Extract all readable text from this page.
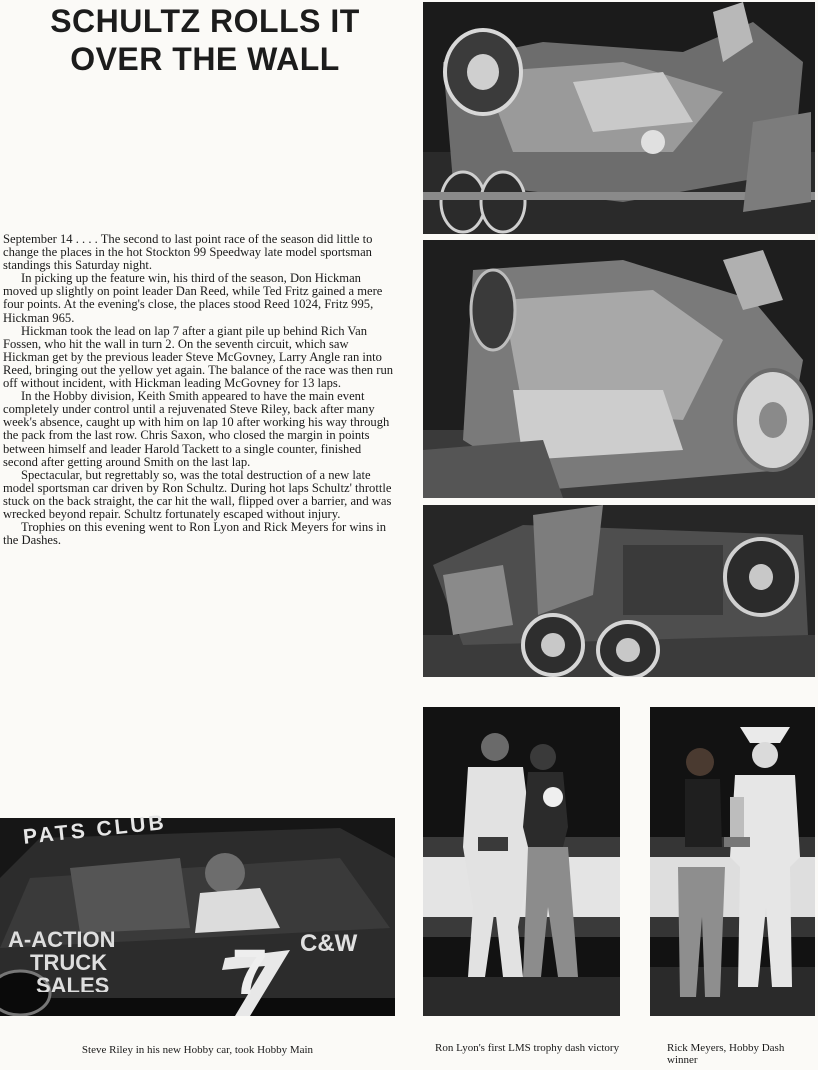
SCHULTZ ROLLS IT
OVER THE WALL

September 14 . . . . The second to last point race of the season did little to change the places in the hot Stockton 99 Speedway late model sportsman standings this Saturday night.

In picking up the feature win, his third of the season, Don Hickman moved up slightly on point leader Dan Reed, while Ted Fritz gained a mere four points. At the evening's close, the places stood Reed 1024, Fritz 995, Hickman 965.

Hickman took the lead on lap 7 after a giant pile up behind Rich Van Fossen, who hit the wall in turn 2. On the seventh circuit, which saw Hickman get by the previous leader Steve McGovney, Larry Angle ran into Reed, bringing out the yellow yet again. The balance of the race was then run off without incident, with Hickman leading McGovney for 13 laps.

In the Hobby division, Keith Smith appeared to have the main event completely under control until a rejuvenated Steve Riley, back after many week's absence, caught up with him on lap 10 after working his way through the pack from the last row. Chris Saxon, who closed the margin in points between himself and leader Harold Tackett to a single counter, finished second after getting around Smith on the last lap.

Spectacular, but regrettably so, was the total destruction of a new late model sportsman car driven by Ron Schultz. During hot laps Schultz' throttle stuck on the back straight, the car hit the wall, flipped over a barrier, and was wrecked beyond repair. Schultz fortunately escaped without injury.

Trophies on this evening went to Ron Lyon and Rick Meyers for wins in the Dashes.

PATS CLUB
A-ACTION
TRUCK
SALES
C&W
7
Steve Riley in his new Hobby car, took Hobby Main	Ron Lyon's first LMS trophy dash victory	Rick Meyers, Hobby Dash winner
